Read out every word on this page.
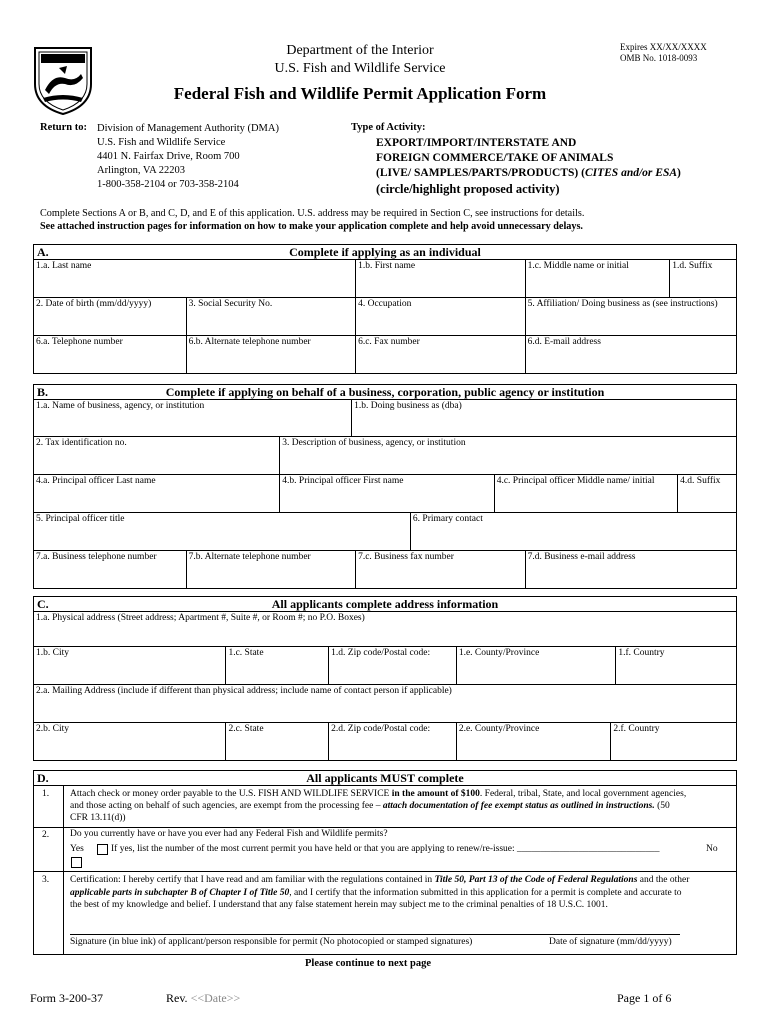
Department of the Interior
U.S. Fish and Wildlife Service
Expires XX/XX/XXXX
OMB No. 1018-0093
Federal Fish and Wildlife Permit Application Form
Return to: Division of Management Authority (DMA)
U.S. Fish and Wildlife Service
4401 N. Fairfax Drive, Room 700
Arlington, VA 22203
1-800-358-2104 or 703-358-2104
Type of Activity:
EXPORT/IMPORT/INTERSTATE AND
FOREIGN COMMERCE/TAKE OF ANIMALS
(LIVE/ SAMPLES/PARTS/PRODUCTS) (CITES and/or ESA)
(circle/highlight proposed activity)
Complete Sections A or B, and C, D, and E of this application. U.S. address may be required in Section C, see instructions for details.
See attached instruction pages for information on how to make your application complete and help avoid unnecessary delays.
A.	Complete if applying as an individual
1.a. Last name	1.b. First name	1.c. Middle name or initial	1.d. Suffix
2. Date of birth (mm/dd/yyyy)	3. Social Security No.	4. Occupation	5. Affiliation/ Doing business as (see instructions)
6.a. Telephone number	6.b. Alternate telephone number	6.c. Fax number	6.d. E-mail address
B.	Complete if applying on behalf of a business, corporation, public agency or institution
1.a. Name of business, agency, or institution	1.b. Doing business as (dba)
2. Tax identification no.	3. Description of business, agency, or institution
4.a. Principal officer Last name	4.b. Principal officer First name	4.c. Principal officer Middle name/ initial	4.d. Suffix
5. Principal officer title	6. Primary contact
7.a. Business telephone number	7.b. Alternate telephone number	7.c. Business fax number	7.d. Business e-mail address
C.	All applicants complete address information
1.a. Physical address (Street address; Apartment #, Suite #, or Room #; no P.O. Boxes)
1.b. City	1.c. State	1.d. Zip code/Postal code:	1.e. County/Province	1.f. Country
2.a. Mailing Address (include if different than physical address; include name of contact person if applicable)
2.b. City	2.c. State	2.d. Zip code/Postal code:	2.e. County/Province	2.f. Country
D.	All applicants MUST complete
1. Attach check or money order payable to the U.S. FISH AND WILDLIFE SERVICE in the amount of $100. Federal, tribal, State, and local government agencies,
and those acting on behalf of such agencies, are exempt from the processing fee – attach documentation of fee exempt status as outlined in instructions. (50
CFR 13.11(d))
2. Do you currently have or have you ever had any Federal Fish and Wildlife permits?
Yes	If yes, list the number of the most current permit you have held or that you are applying to renew/re-issue: ______________________________	No
3. Certification: I hereby certify that I have read and am familiar with the regulations contained in Title 50, Part 13 of the Code of Federal Regulations and the other
applicable parts in subchapter B of Chapter I of Title 50, and I certify that the information submitted in this application for a permit is complete and accurate to
the best of my knowledge and belief. I understand that any false statement herein may subject me to the criminal penalties of 18 U.S.C. 1001.
Signature (in blue ink) of applicant/person responsible for permit (No photocopied or stamped signatures)	Date of signature (mm/dd/yyyy)
Please continue to next page
Form 3-200-37	Rev. <<Date>>	Page 1 of 6
